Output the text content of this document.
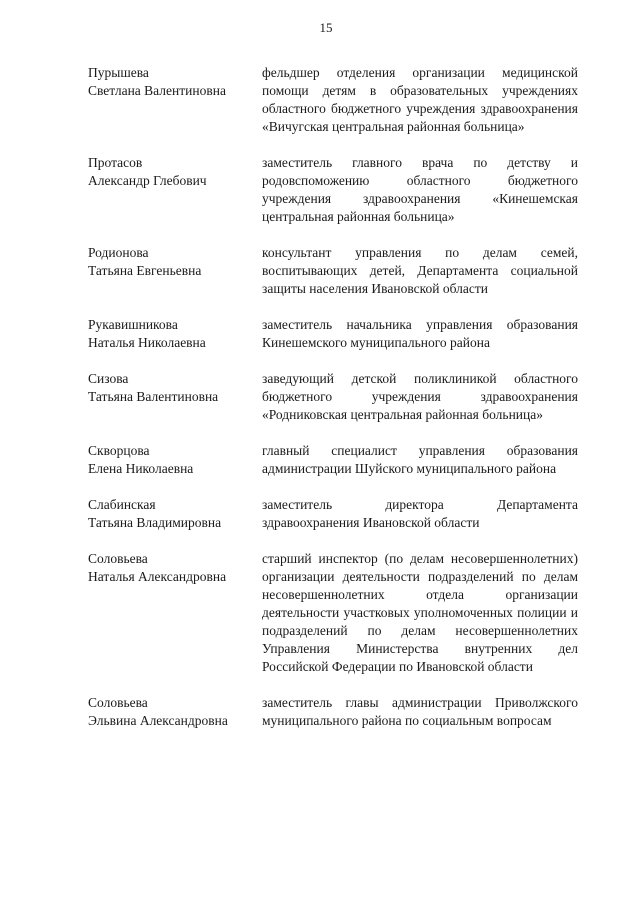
15
Пурышева
Светлана Валентиновна
фельдшер отделения организации медицинской помощи детям в образовательных учреждениях областного бюджетного учреждения здравоохранения «Вичугская центральная районная больница»
Протасов
Александр Глебович
заместитель главного врача по детству и родовспоможению областного бюджетного учреждения здравоохранения «Кинешемская центральная районная больница»
Родионова
Татьяна Евгеньевна
консультант управления по делам семей, воспитывающих детей, Департамента социальной защиты населения Ивановской области
Рукавишникова
Наталья Николаевна
заместитель начальника управления образования Кинешемского муниципального района
Сизова
Татьяна Валентиновна
заведующий детской поликлиникой областного бюджетного учреждения здравоохранения «Родниковская центральная районная больница»
Скворцова
Елена Николаевна
главный специалист управления образования администрации Шуйского муниципального района
Слабинская
Татьяна Владимировна
заместитель директора Департамента здравоохранения Ивановской области
Соловьева
Наталья Александровна
старший инспектор (по делам несовершеннолетних) организации деятельности подразделений по делам несовершеннолетних отдела организации деятельности участковых уполномоченных полиции и подразделений по делам несовершеннолетних Управления Министерства внутренних дел Российской Федерации по Ивановской области
Соловьева
Эльвина Александровна
заместитель главы администрации Приволжского муниципального района по социальным вопросам
